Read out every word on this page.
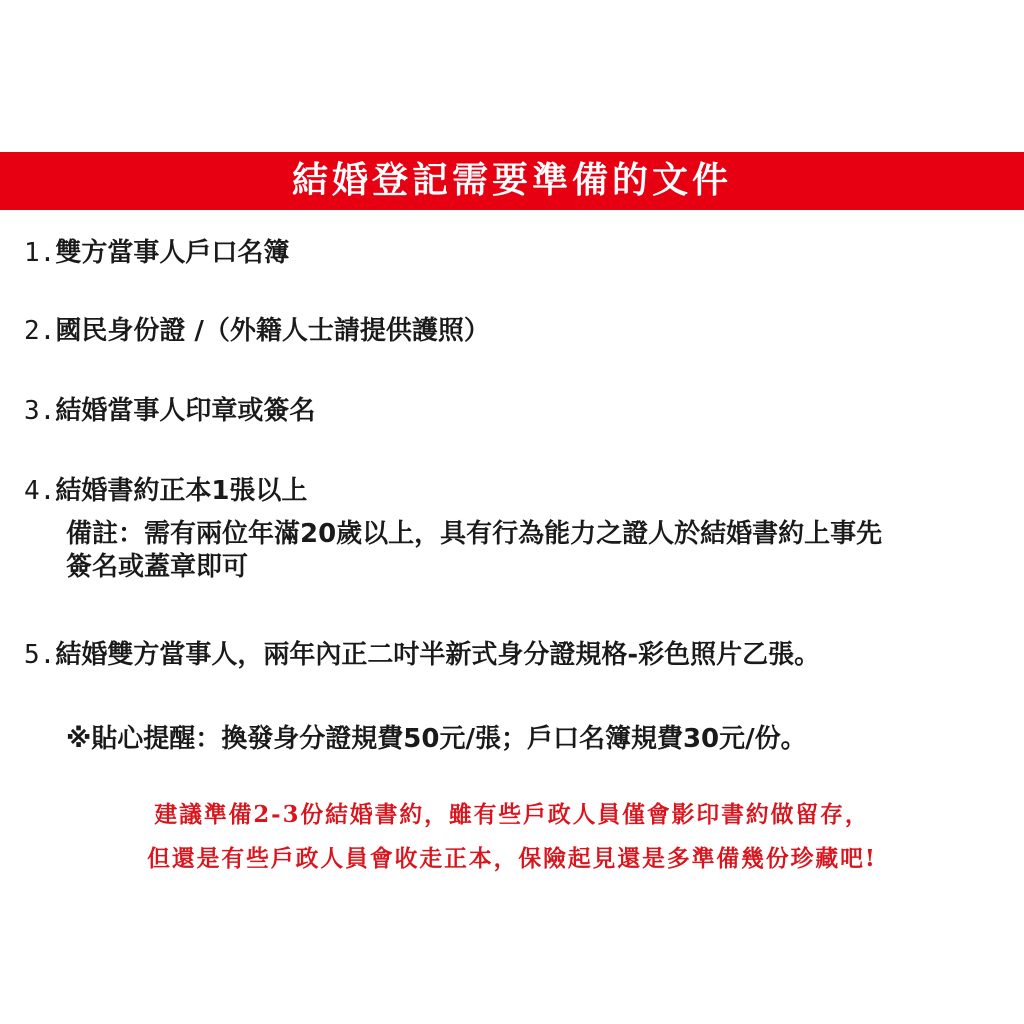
結婚登記需要準備的文件
1.雙方當事人戶口名簿
2.國民身份證 /（外籍人士請提供護照）
3.結婚當事人印章或簽名
4.結婚書約正本1張以上
備註：需有兩位年滿20歲以上，具有行為能力之證人於結婚書約上事先
簽名或蓋章即可
5.結婚雙方當事人，兩年內正二吋半新式身分證規格-彩色照片乙張。
※貼心提醒：換發身分證規費50元/張；戶口名簿規費30元/份。
建議準備2-3份結婚書約，雖有些戶政人員僅會影印書約做留存，
但還是有些戶政人員會收走正本，保險起見還是多準備幾份珍藏吧!
